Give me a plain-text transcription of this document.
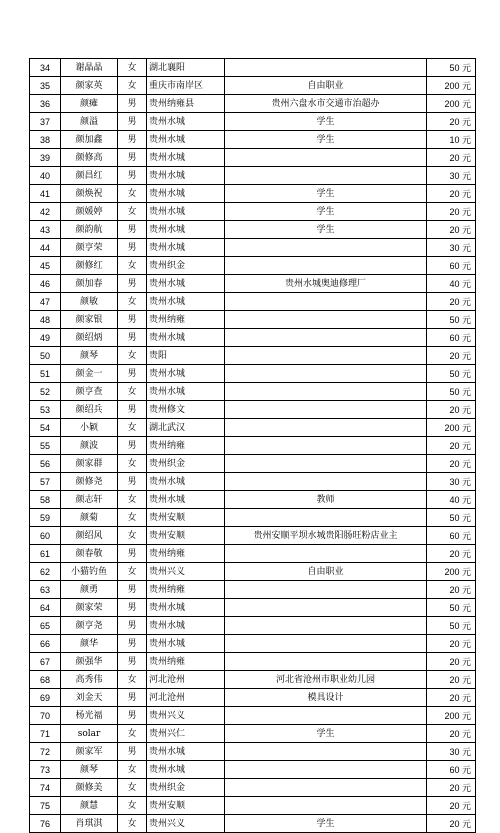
34	谢晶晶	女	湖北襄阳		50 元
35	颜家英	女	重庆市南岸区	自由职业	200 元
36	颜瘫	男	贵州纳雍县	贵州六盘水市交通市治超办	200 元
37	颜溢	男	贵州水城	学生	20 元
38	颜加鑫	男	贵州水城	学生	10 元
39	颜修高	男	贵州水城		20 元
40	颜昌红	男	贵州水城		30 元
41	颜焕祝	女	贵州水城	学生	20 元
42	颜媛婷	女	贵州水城	学生	20 元
43	颜韵航	男	贵州水城	学生	20 元
44	颜亨荣	男	贵州水城		30 元
45	颜修红	女	贵州织金		60 元
46	颜加春	男	贵州水城	贵州水城奥迪修理厂	40 元
47	颜敏	女	贵州水城		20 元
48	颜家银	男	贵州纳雍		50 元
49	颜绍炳	男	贵州水城		60 元
50	颜琴	女	贵阳		20 元
51	颜金一	男	贵州水城		50 元
52	颜亨查	女	贵州水城		50 元
53	颜绍兵	男	贵州修文		20 元
54	小颖	女	湖北武汉		200 元
55	颜波	男	贵州纳雍		20 元
56	颜家群	女	贵州织金		20 元
57	颜修尧	男	贵州水城		30 元
58	颜志轩	女	贵州水城	教师	40 元
59	颜菊	女	贵州安顺		50 元
60	颜绍风	女	贵州安顺	贵州安顺平坝水城贵阳肠旺粉店业主	60 元
61	颜春敬	男	贵州纳雍		20 元
62	小猫钓鱼	女	贵州兴义	自由职业	200 元
63	颜勇	男	贵州纳雍		20 元
64	颜家荣	男	贵州水城		50 元
65	颜亨尧	男	贵州水城		50 元
66	颜华	男	贵州水城		20 元
67	颜强华	男	贵州纳雍		20 元
68	高秀伟	女	河北沧州	河北省沧州市职业幼儿园	20 元
69	刘金天	男	河北沧州	模具设计	20 元
70	杨光福	男	贵州兴义		200 元
71	solar	女	贵州兴仁	学生	20 元
72	颜家军	男	贵州水城		30 元
73	颜琴	女	贵州水城		60 元
74	颜修美	女	贵州织金		20 元
75	颜慧	女	贵州安顺		20 元
76	肖琪淇	女	贵州兴义	学生	20 元
